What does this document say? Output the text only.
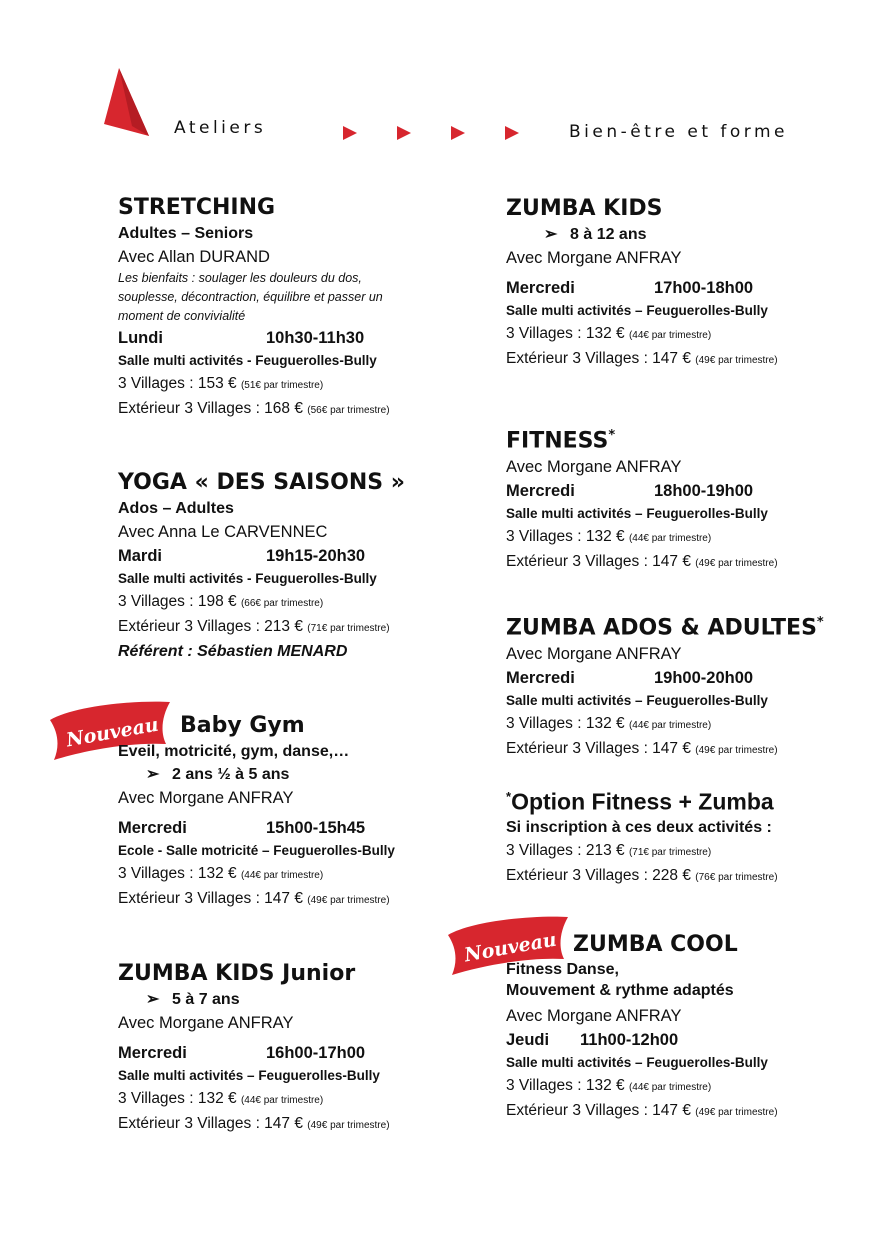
Ateliers	Bien-être et forme
STRETCHING
Adultes – Seniors
Avec Allan DURAND
Les bienfaits : soulager les douleurs du dos, souplesse, décontraction, équilibre et passer un moment de convivialité
Lundi	10h30-11h30
Salle multi activités - Feuguerolles-Bully
3 Villages : 153 € (51€ par trimestre)
Extérieur 3 Villages : 168 € (56€ par trimestre)
YOGA « DES SAISONS »
Ados – Adultes
Avec Anna Le CARVENNEC
Mardi	19h15-20h30
Salle multi activités - Feuguerolles-Bully
3 Villages : 198 € (66€ par trimestre)
Extérieur 3 Villages : 213 € (71€ par trimestre)
Référent : Sébastien MENARD
Nouveau Baby Gym
Eveil, motricité, gym, danse,…
➢ 2 ans ½ à 5 ans
Avec Morgane ANFRAY
Mercredi	15h00-15h45
Ecole - Salle motricité – Feuguerolles-Bully
3 Villages : 132 € (44€ par trimestre)
Extérieur 3 Villages : 147 € (49€ par trimestre)
ZUMBA KIDS Junior
➢ 5 à 7 ans
Avec Morgane ANFRAY
Mercredi	16h00-17h00
Salle multi activités – Feuguerolles-Bully
3 Villages : 132 € (44€ par trimestre)
Extérieur 3 Villages : 147 € (49€ par trimestre)
ZUMBA KIDS
➢ 8 à 12 ans
Avec Morgane ANFRAY
Mercredi	17h00-18h00
Salle multi activités – Feuguerolles-Bully
3 Villages : 132 € (44€ par trimestre)
Extérieur 3 Villages : 147 € (49€ par trimestre)
FITNESS*
Avec Morgane ANFRAY
Mercredi	18h00-19h00
Salle multi activités – Feuguerolles-Bully
3 Villages : 132 € (44€ par trimestre)
Extérieur 3 Villages : 147 € (49€ par trimestre)
ZUMBA ADOS & ADULTES*
Avec Morgane ANFRAY
Mercredi	19h00-20h00
Salle multi activités – Feuguerolles-Bully
3 Villages : 132 € (44€ par trimestre)
Extérieur 3 Villages : 147 € (49€ par trimestre)
*Option Fitness + Zumba
Si inscription à ces deux activités :
3 Villages : 213 € (71€ par trimestre)
Extérieur 3 Villages : 228 € (76€ par trimestre)
Nouveau ZUMBA COOL
Fitness Danse,
Mouvement & rythme adaptés
Avec Morgane ANFRAY
Jeudi 11h00-12h00
Salle multi activités – Feuguerolles-Bully
3 Villages : 132 € (44€ par trimestre)
Extérieur 3 Villages : 147 € (49€ par trimestre)
